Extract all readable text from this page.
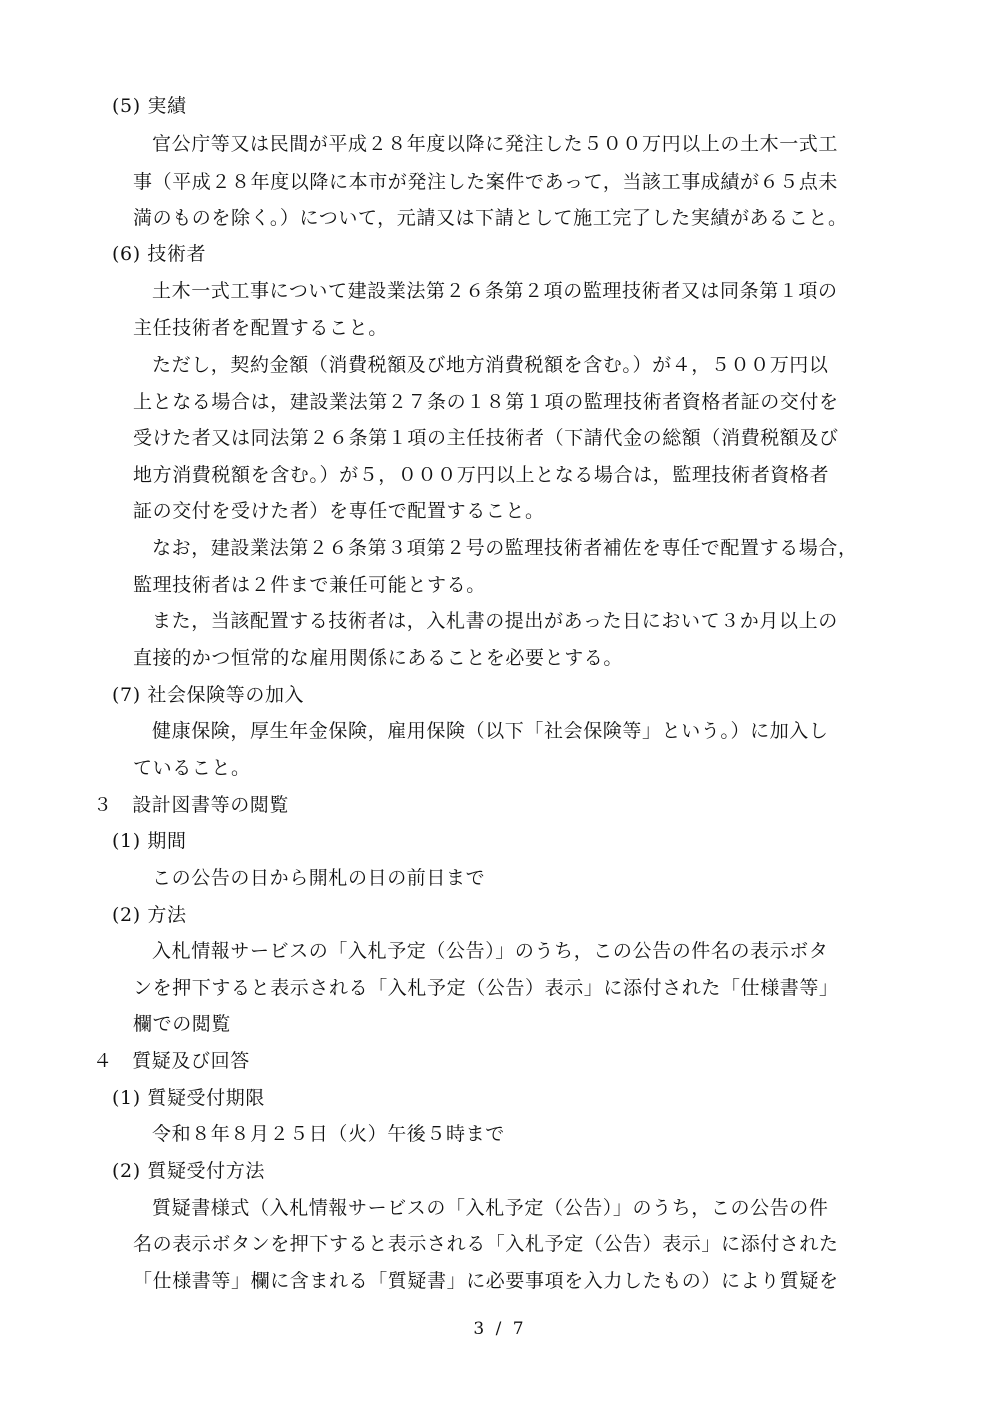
(5) 実績
官公庁等又は民間が平成２８年度以降に発注した５００万円以上の土木一式工
事（平成２８年度以降に本市が発注した案件であって，当該工事成績が６５点未
満のものを除く。）について，元請又は下請として施工完了した実績があること。
(6) 技術者
土木一式工事について建設業法第２６条第２項の監理技術者又は同条第１項の
主任技術者を配置すること。
ただし，契約金額（消費税額及び地方消費税額を含む。）が４，５００万円以
上となる場合は，建設業法第２７条の１８第１項の監理技術者資格者証の交付を
受けた者又は同法第２６条第１項の主任技術者（下請代金の総額（消費税額及び
地方消費税額を含む。）が５，０００万円以上となる場合は，監理技術者資格者
証の交付を受けた者）を専任で配置すること。
なお，建設業法第２６条第３項第２号の監理技術者補佐を専任で配置する場合，
監理技術者は２件まで兼任可能とする。
また，当該配置する技術者は，入札書の提出があった日において３か月以上の
直接的かつ恒常的な雇用関係にあることを必要とする。
(7) 社会保険等の加入
健康保険，厚生年金保険，雇用保険（以下「社会保険等」という。）に加入し
ていること。
３　設計図書等の閲覧
(1) 期間
この公告の日から開札の日の前日まで
(2) 方法
入札情報サービスの「入札予定（公告）」のうち，この公告の件名の表示ボタ
ンを押下すると表示される「入札予定（公告）表示」に添付された「仕様書等」
欄での閲覧
４　質疑及び回答
(1) 質疑受付期限
令和８年８月２５日（火）午後５時まで
(2) 質疑受付方法
質疑書様式（入札情報サービスの「入札予定（公告）」のうち，この公告の件
名の表示ボタンを押下すると表示される「入札予定（公告）表示」に添付された
「仕様書等」欄に含まれる「質疑書」に必要事項を入力したもの）により質疑を
3 / 7
